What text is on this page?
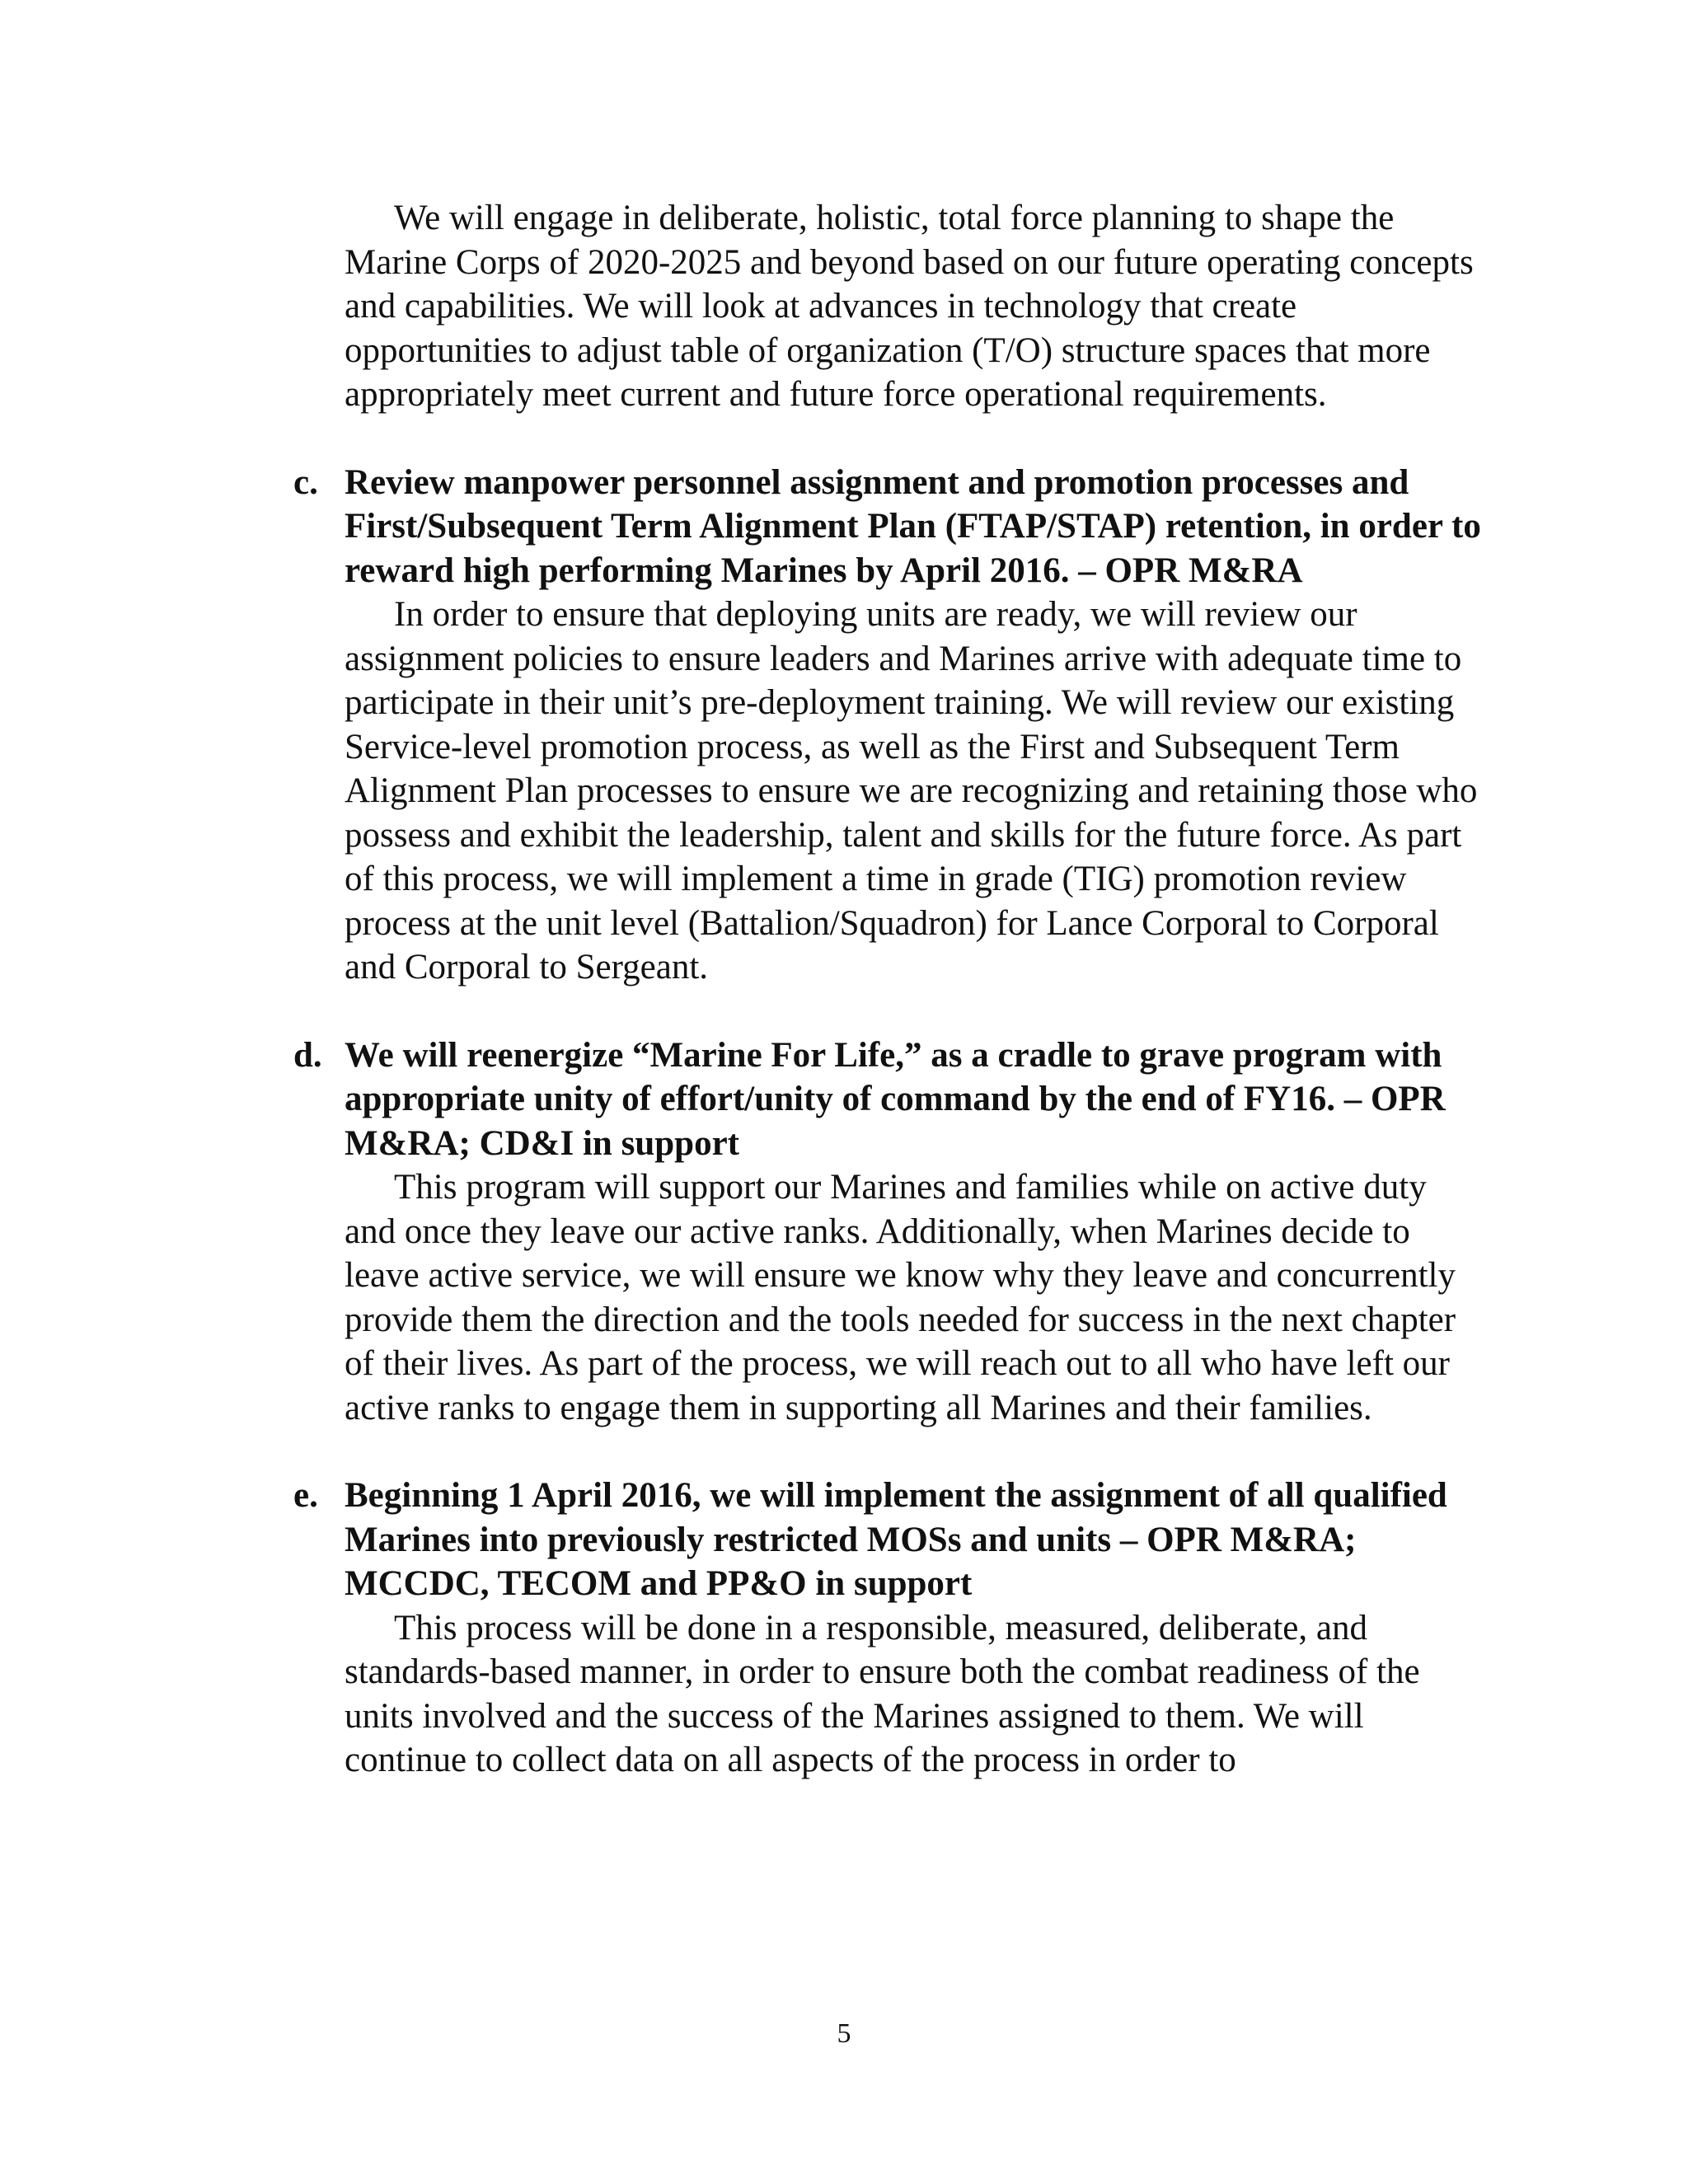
We will engage in deliberate, holistic, total force planning to shape the Marine Corps of 2020-2025 and beyond based on our future operating concepts and capabilities. We will look at advances in technology that create opportunities to adjust table of organization (T/O) structure spaces that more appropriately meet current and future force operational requirements.

c. Review manpower personnel assignment and promotion processes and First/Subsequent Term Alignment Plan (FTAP/STAP) retention, in order to reward high performing Marines by April 2016. – OPR M&RA

In order to ensure that deploying units are ready, we will review our assignment policies to ensure leaders and Marines arrive with adequate time to participate in their unit’s pre-deployment training. We will review our existing Service-level promotion process, as well as the First and Subsequent Term Alignment Plan processes to ensure we are recognizing and retaining those who possess and exhibit the leadership, talent and skills for the future force. As part of this process, we will implement a time in grade (TIG) promotion review process at the unit level (Battalion/Squadron) for Lance Corporal to Corporal and Corporal to Sergeant.

d. We will reenergize “Marine For Life,” as a cradle to grave program with appropriate unity of effort/unity of command by the end of FY16. – OPR M&RA; CD&I in support

This program will support our Marines and families while on active duty and once they leave our active ranks. Additionally, when Marines decide to leave active service, we will ensure we know why they leave and concurrently provide them the direction and the tools needed for success in the next chapter of their lives. As part of the process, we will reach out to all who have left our active ranks to engage them in supporting all Marines and their families.

e. Beginning 1 April 2016, we will implement the assignment of all qualified Marines into previously restricted MOSs and units – OPR M&RA; MCCDC, TECOM and PP&O in support

This process will be done in a responsible, measured, deliberate, and standards-based manner, in order to ensure both the combat readiness of the units involved and the success of the Marines assigned to them. We will continue to collect data on all aspects of the process in order to

5
